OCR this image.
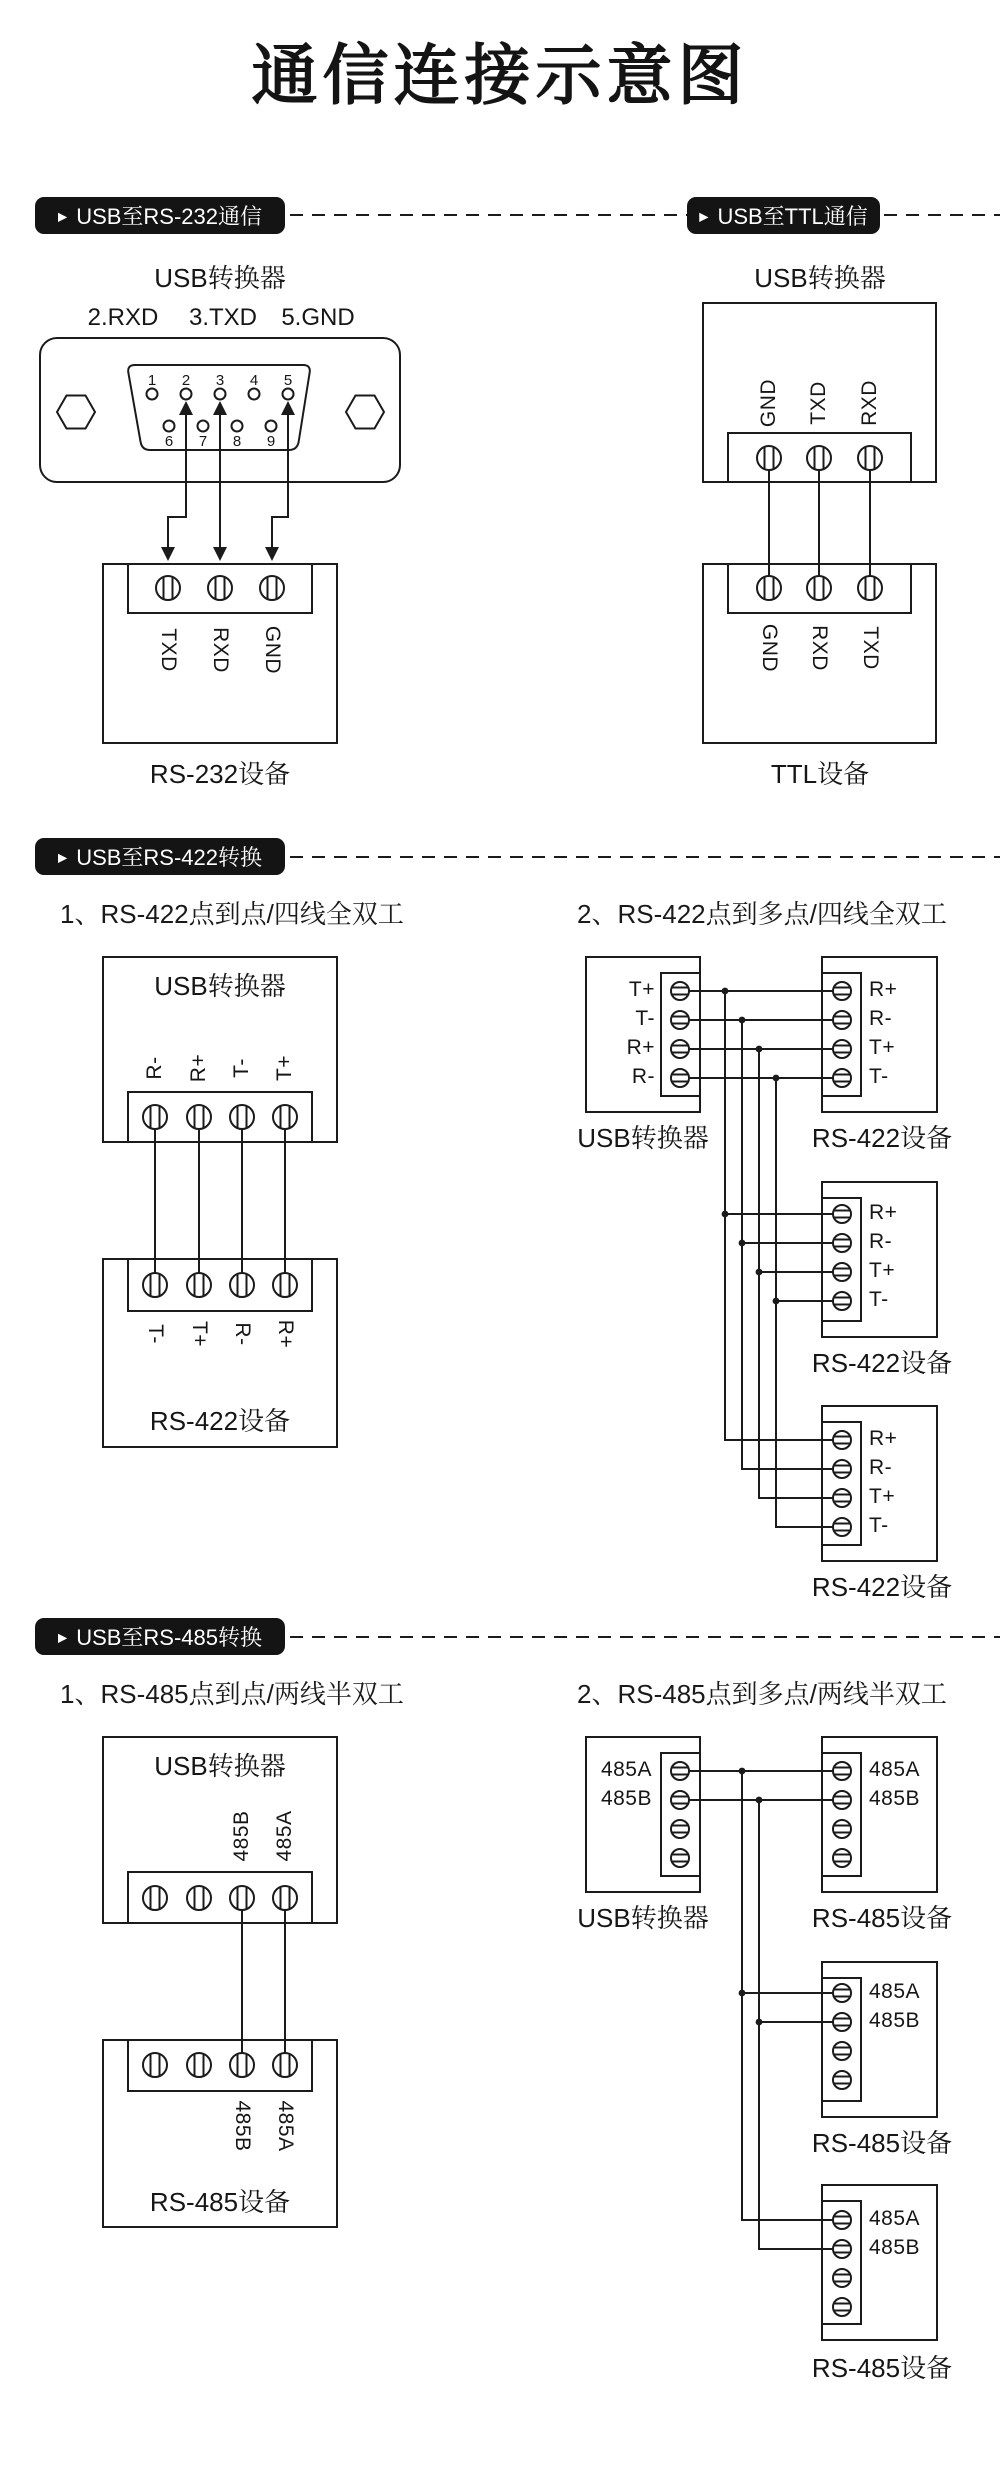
1 2 3 4 5
6 7 8 9
通信连接示意图
▶ USB至RS-232通信	▶ USB至TTL通信
▶ USB至RS-422转换
▶ USB至RS-485转换
USB转换器
2.RXD 3.TXD 5.GND
TXD RXD GND
RS-232设备
USB转换器
GND TXD RXD
GND RXD TXD
TTL设备
1、RS-422点到点/四线全双工
USB转换器
R- R+ T- T+
T- T+ R- R+
RS-422设备
2、RS-422点到多点/四线全双工
T+
T-
R+
R-
USB转换器	RS-422设备
R+
R-
T+
T-
R+
R-
T+
T-
RS-422设备
R+
R-
T+
T-
RS-422设备
1、RS-485点到点/两线半双工
USB转换器
485B 485A
485B 485A
RS-485设备
2、RS-485点到多点/两线半双工
485A
485B
USB转换器
485A
485B
RS-485设备
485A
485B
RS-485设备
485A
485B
RS-485设备
